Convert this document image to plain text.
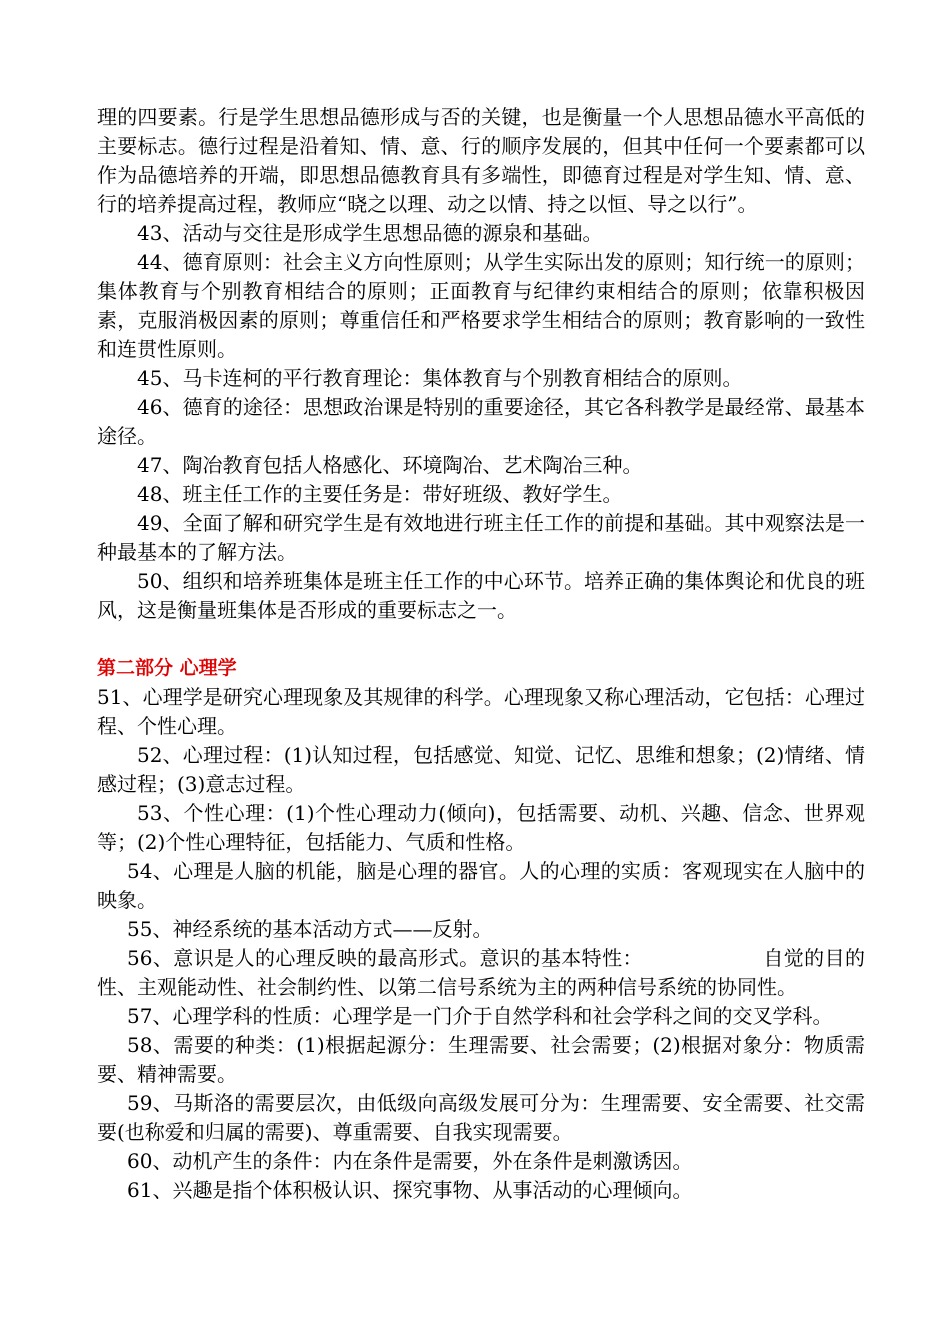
理的四要素。行是学生思想品德形成与否的关键，也是衡量一个人思想品德水平高低的主要标志。德行过程是沿着知、情、意、行的顺序发展的，但其中任何一个要素都可以作为品德培养的开端，即思想品德教育具有多端性，即德育过程是对学生知、情、意、行的培养提高过程，教师应“晓之以理、动之以情、持之以恒、导之以行”。

43、活动与交往是形成学生思想品德的源泉和基础。

44、德育原则：社会主义方向性原则；从学生实际出发的原则；知行统一的原则；集体教育与个别教育相结合的原则；正面教育与纪律约束相结合的原则；依靠积极因素，克服消极因素的原则；尊重信任和严格要求学生相结合的原则；教育影响的一致性和连贯性原则。

45、马卡连柯的平行教育理论：集体教育与个别教育相结合的原则。

46、德育的途径：思想政治课是特别的重要途径，其它各科教学是最经常、最基本途径。

47、陶冶教育包括人格感化、环境陶冶、艺术陶冶三种。

48、班主任工作的主要任务是：带好班级、教好学生。

49、全面了解和研究学生是有效地进行班主任工作的前提和基础。其中观察法是一种最基本的了解方法。

50、组织和培养班集体是班主任工作的中心环节。培养正确的集体舆论和优良的班风，这是衡量班集体是否形成的重要标志之一。

第二部分 心理学

51、心理学是研究心理现象及其规律的科学。心理现象又称心理活动，它包括：心理过程、个性心理。

52、心理过程：(1)认知过程，包括感觉、知觉、记忆、思维和想象；(2)情绪、情感过程；(3)意志过程。

53、个性心理：(1)个性心理动力(倾向)，包括需要、动机、兴趣、信念、世界观等；(2)个性心理特征，包括能力、气质和性格。

54、心理是人脑的机能，脑是心理的器官。人的心理的实质：客观现实在人脑中的映象。

55、神经系统的基本活动方式——反射。

56、意识是人的心理反映的最高形式。意识的基本特性：	自觉的目的性、主观能动性、社会制约性、以第二信号系统为主的两种信号系统的协同性。

57、心理学科的性质：心理学是一门介于自然学科和社会学科之间的交叉学科。

58、需要的种类：(1)根据起源分：生理需要、社会需要；(2)根据对象分：物质需要、精神需要。

59、马斯洛的需要层次，由低级向高级发展可分为：生理需要、安全需要、社交需要(也称爱和归属的需要)、尊重需要、自我实现需要。

60、动机产生的条件：内在条件是需要，外在条件是刺激诱因。

61、兴趣是指个体积极认识、探究事物、从事活动的心理倾向。
